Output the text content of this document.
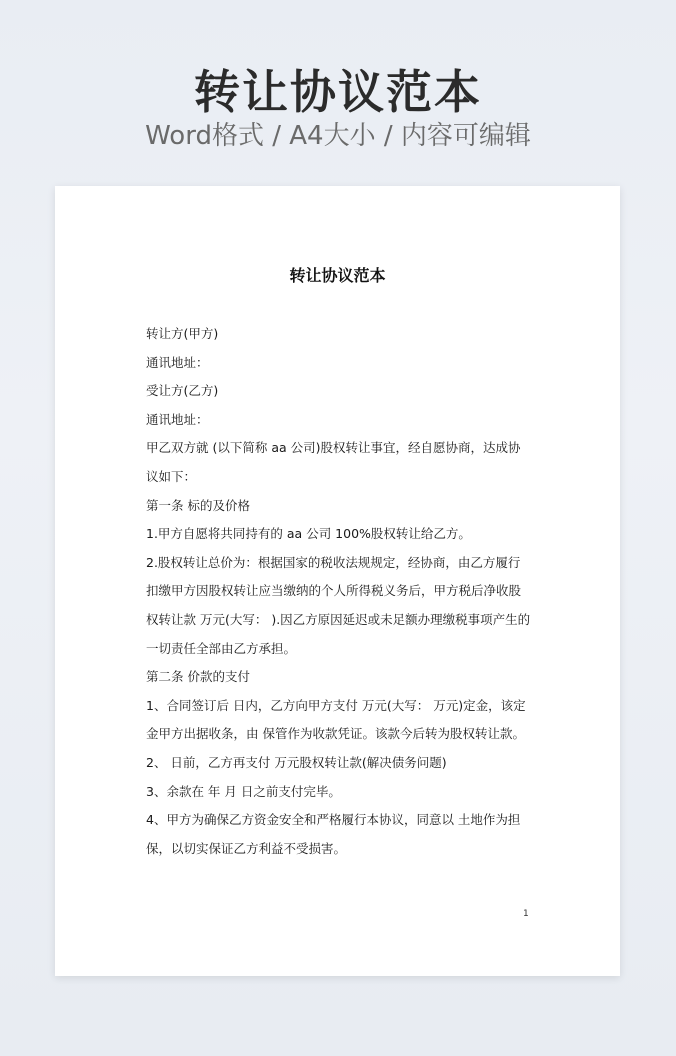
转让协议范本
Word格式 / A4大小 / 内容可编辑
转让协议范本

转让方(甲方)

通讯地址：

受让方(乙方)

通讯地址：

甲乙双方就 (以下简称 aa 公司)股权转让事宜，经自愿协商，达成协议如下：

第一条 标的及价格

1.甲方自愿将共同持有的 aa 公司 100%股权转让给乙方。

2.股权转让总价为：根据国家的税收法规规定，经协商，由乙方履行扣缴甲方因股权转让应当缴纳的个人所得税义务后，甲方税后净收股权转让款 万元(大写： ).因乙方原因延迟或未足额办理缴税事项产生的一切责任全部由乙方承担。

第二条 价款的支付

1、合同签订后 日内，乙方向甲方支付 万元(大写： 万元)定金，该定金甲方出据收条，由 保管作为收款凭证。该款今后转为股权转让款。

2、 日前，乙方再支付 万元股权转让款(解决债务问题)

3、余款在 年 月 日之前支付完毕。

4、甲方为确保乙方资金安全和严格履行本协议，同意以 土地作为担保，以切实保证乙方利益不受损害。

1
